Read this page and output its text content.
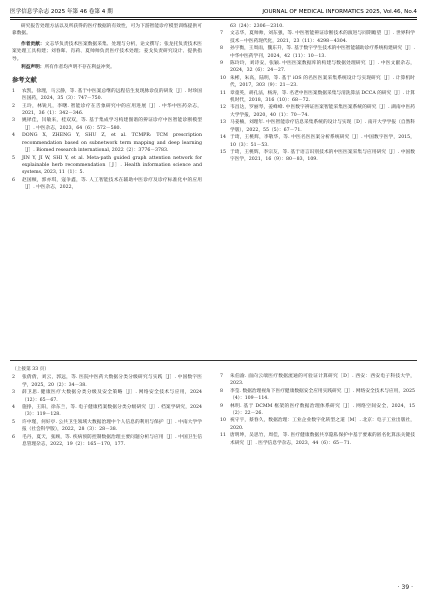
医学信息学杂志 2025 年第 46 卷第 4 期	JOURNAL OF MEDICAL INFORMATICS 2025, Vol.46, No.4

研究报告处理方法以及所获得的医疗数据的有效性，可为下游智能诊疗模型训练提供可靠数据。

作者贡献：文志华负责技术医案数据采集、处理与分析，论文撰写；张龙托负责技术医案处理工具构建；刘春晖、肖莉、夏帅帅负责医疗技术处理；姜戈负责研究设计、提供指导。

利益声明：所有作者均声明不存在利益冲突。

参考文献
1	农凯，徐理，马云静，等. 基于中医案总继的远程信生复现脉诊仪的研发［J］. 时珍国医国药，2024，35（3）：747－750.
2	王玲，林锐凡，李曙. 智能诊疗在舌象研究中的应用进展［J］. 中华中医药杂志，2021，36（1）：342－346.
3	姚铎佳，闫敏来，桂双双，等. 基于集成学习构建图谱的辨证诊疗中医智能诊断模型［J］. 中医杂志，2023，64（6）：572－580.
4	DONG X, ZHENG Y, SHU Z, et al. TCMPR: TCM prescription recommendation based on subnetwork term mapping and deep learning［J］. Biomed research international, 2022（2）：3776－3783.
5	JIN Y, JI W, SHI Y, et al. Meta-path guided graph attention network for explainable herb recommendation［J］. Health information science and systems, 2023, 11（1）：5.
6	赵国帧，郭亦琪，寇争鑫，等. 人工智能技术在辅助中医诊疗及诊疗标准化中的应用［J］. 中医杂志，2022，
63（24）：2306－2310.
7	文志华，夏帅帅，刘东强，等. 中医智能辨证诊断技术的演进与同期瞻望［J］. 世界科学技术－中医药现代化，2021，23（11）：4298－4304.
8	孙宇衡，王周雨，魏东升，等. 基于数字学生技术的中医智能辅助诊疗系统构建研究［J］. 中华中医药学刊，2024，42（11）：10－13.
9	陈玲玲，刘诗安，张颖. 中医医案数据库的构建与数据处理研究［J］. 中医文献杂志，2024，32（6）：24－27.
10 朱彬，朱高，陆明，等. 基于 iOS 的名医医案采集系统设计与实现研究［J］. 计算机时代，2017，303（9）：21－23.
11 章童英，胡孔法，杨涛，等. 名老中医医案数据采集与清洗算法 DCCA 的研究［J］. 计算机时代，2018，316（10）：68－72.
12 韦昌达，罗丽琴，姜峰峰. 中医数字辨证医案智能采集医案系统的研究［J］. 湖南中医药大学学报，2020，40（1）：70－74.
13 马姜楠，刘理年. 中医智能诊疗信息采集系统的设计与实现［D］. 南开大学学报（自然科学版），2022，55（5）：67－71.
14 于琦，王桃辉，李敬华，等. 中医名医医案分析系统研究［J］. 中国数字医学，2015，10（3）：51－53.
15 于琦，王桃辉，李宗友，等. 基于语言识别技术的中医医案采集与应用研究［J］. 中国数字医学，2021，16（9）：80－83，109.

（上接第 33 页）

2	张倩倩，刘云，郭远，等. 医院中医药大数据分类分级研究与实践［J］. 中国数字医学，2025，20（2）：34－38.
3	薛卫思. 健康医疗大数据分类分级及安全策略［J］. 网络安全技术与应用，2024（12）：65－67.
4	施挣，王阳，徐东兰，等. 电子健康档案数据分类分级研究［J］. 档案学研究，2024（3）：119－128.
5	许中瑾，何好亭. 公共卫生领域大数据治理中个人信息的利用与保护［J］. 中南大学学报（社会科学版），2022，28（3）：28－38.
6	毛丹，夏天，张顾，等. 疾病预防控制数据治理主要问题分析与应用［J］. 中国卫生信息管理杂志，2022，19（2）：165－170，177.
7	朱伯渝. 面向云端医疗数据流通的可验证计算研究［D］. 西安：西安电子科技大学，2023.
8	李莹. 数据治理视角下医疗健康数据安全应用实践研究［J］. 网络安全技术与应用，2025（4）：109－114.
9	林明. 基于 DCMM 框架的医疗数据治理体系研究［J］. 网络空间安全，2024，15（2）：22－26.
10 祝守宇，蔡春久，数据治理：工业企业数字化转型之道［M］. 北京：电子工业出版社，2020.
11 唐明坤，吴思竹，周佳，等. 医疗健康数据共享隐私保护中基于要素的匿名化算法关键技术研究［J］. 医学信息学杂志，2023，44（6）：65－71.
· 39 ·
